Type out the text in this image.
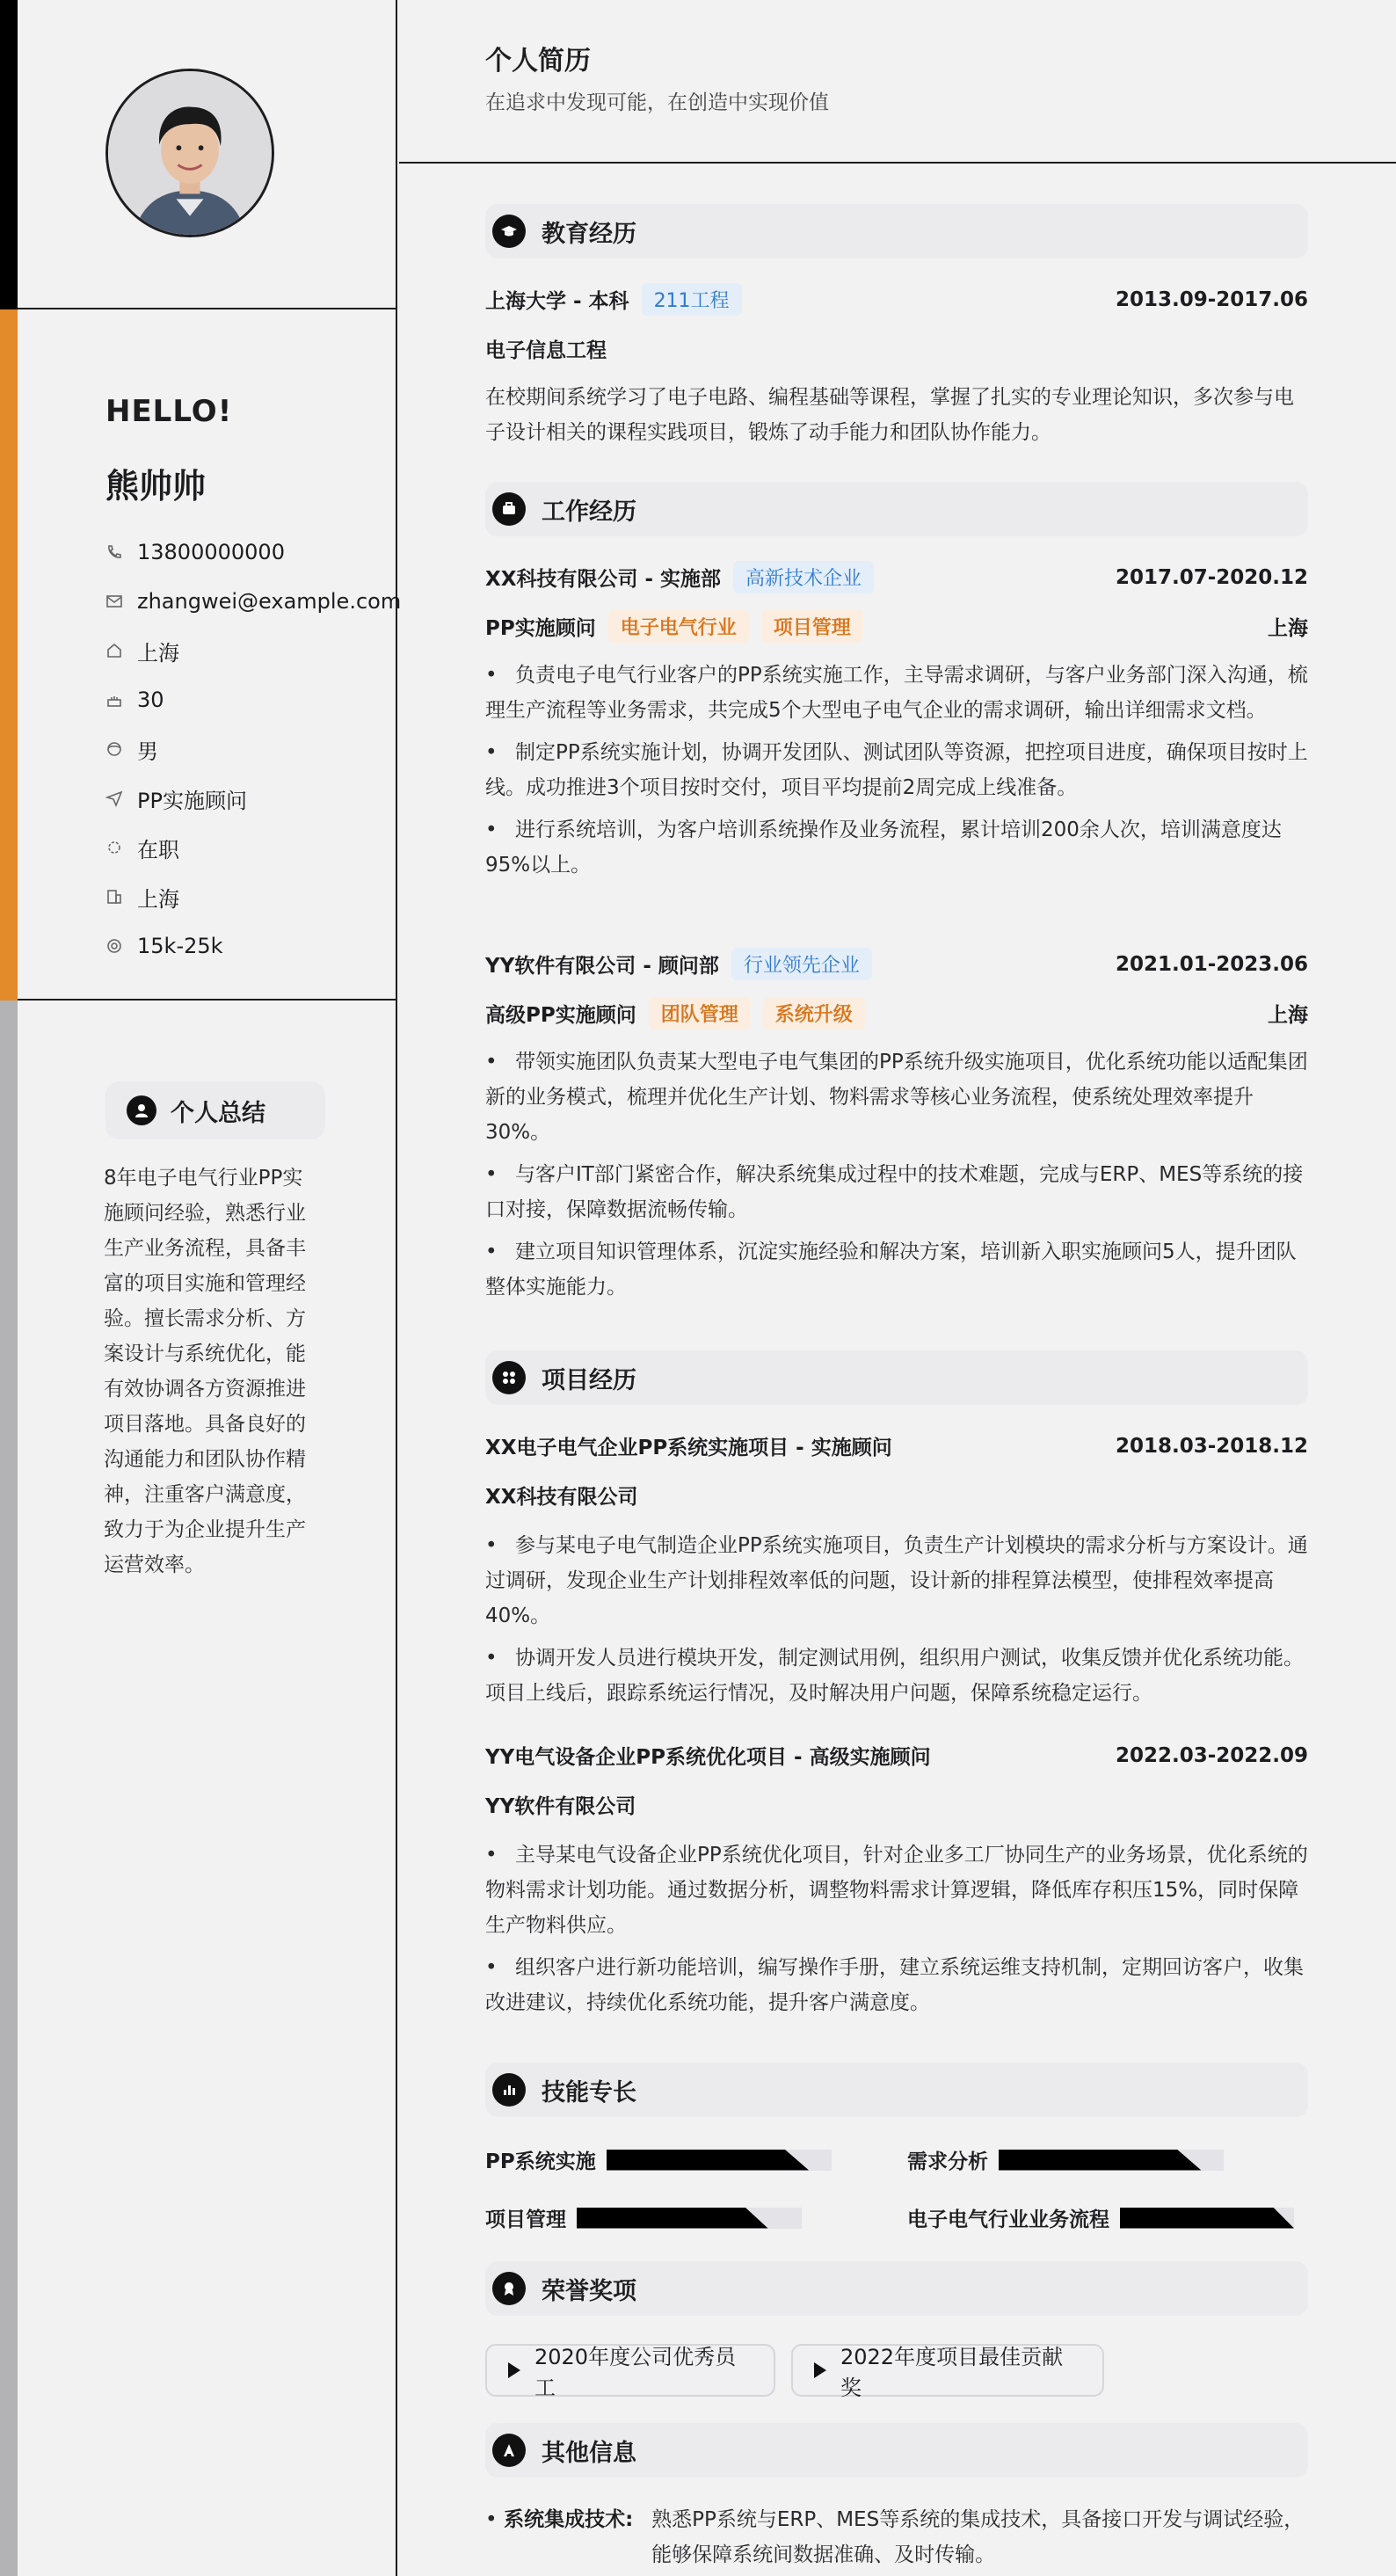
HELLO!
熊帅帅
13800000000
zhangwei@example.com
上海
30
男
PP实施顾问
在职
上海
15k-25k
个人总结
8年电子电气行业PP实施顾问经验，熟悉行业生产业务流程，具备丰富的项目实施和管理经验。擅长需求分析、方案设计与系统优化，能有效协调各方资源推进项目落地。具备良好的沟通能力和团队协作精神，注重客户满意度，致力于为企业提升生产运营效率。
个人简历
在追求中发现可能，在创造中实现价值
教育经历
上海大学 - 本科	211工程	2013.09-2017.06
电子信息工程
在校期间系统学习了电子电路、编程基础等课程，掌握了扎实的专业理论知识，多次参与电子设计相关的课程实践项目，锻炼了动手能力和团队协作能力。
工作经历
XX科技有限公司 - 实施部	高新技术企业	2017.07-2020.12
PP实施顾问	电子电气行业	项目管理	上海
• 负责电子电气行业客户的PP系统实施工作，主导需求调研，与客户业务部门深入沟通，梳理生产流程等业务需求，共完成5个大型电子电气企业的需求调研，输出详细需求文档。
• 制定PP系统实施计划，协调开发团队、测试团队等资源，把控项目进度，确保项目按时上线。成功推进3个项目按时交付，项目平均提前2周完成上线准备。
• 进行系统培训，为客户培训系统操作及业务流程，累计培训200余人次，培训满意度达95%以上。
YY软件有限公司 - 顾问部	行业领先企业	2021.01-2023.06
高级PP实施顾问	团队管理	系统升级	上海
• 带领实施团队负责某大型电子电气集团的PP系统升级实施项目，优化系统功能以适配集团新的业务模式，梳理并优化生产计划、物料需求等核心业务流程，使系统处理效率提升30%。
• 与客户IT部门紧密合作，解决系统集成过程中的技术难题，完成与ERP、MES等系统的接口对接，保障数据流畅传输。
• 建立项目知识管理体系，沉淀实施经验和解决方案，培训新入职实施顾问5人，提升团队整体实施能力。
项目经历
XX电子电气企业PP系统实施项目 - 实施顾问	2018.03-2018.12
XX科技有限公司
• 参与某电子电气制造企业PP系统实施项目，负责生产计划模块的需求分析与方案设计。通过调研，发现企业生产计划排程效率低的问题，设计新的排程算法模型，使排程效率提高40%。
• 协调开发人员进行模块开发，制定测试用例，组织用户测试，收集反馈并优化系统功能。项目上线后，跟踪系统运行情况，及时解决用户问题，保障系统稳定运行。
YY电气设备企业PP系统优化项目 - 高级实施顾问	2022.03-2022.09
YY软件有限公司
• 主导某电气设备企业PP系统优化项目，针对企业多工厂协同生产的业务场景，优化系统的物料需求计划功能。通过数据分析，调整物料需求计算逻辑，降低库存积压15%，同时保障生产物料供应。
• 组织客户进行新功能培训，编写操作手册，建立系统运维支持机制，定期回访客户，收集改进建议，持续优化系统功能，提升客户满意度。
技能专长
PP系统实施	需求分析
项目管理	电子电气行业业务流程
荣誉奖项
2020年度公司优秀员工
2022年度项目最佳贡献奖
其他信息
• 系统集成技术: 熟悉PP系统与ERP、MES等系统的集成技术，具备接口开发与调试经验，能够保障系统间数据准确、及时传输。
